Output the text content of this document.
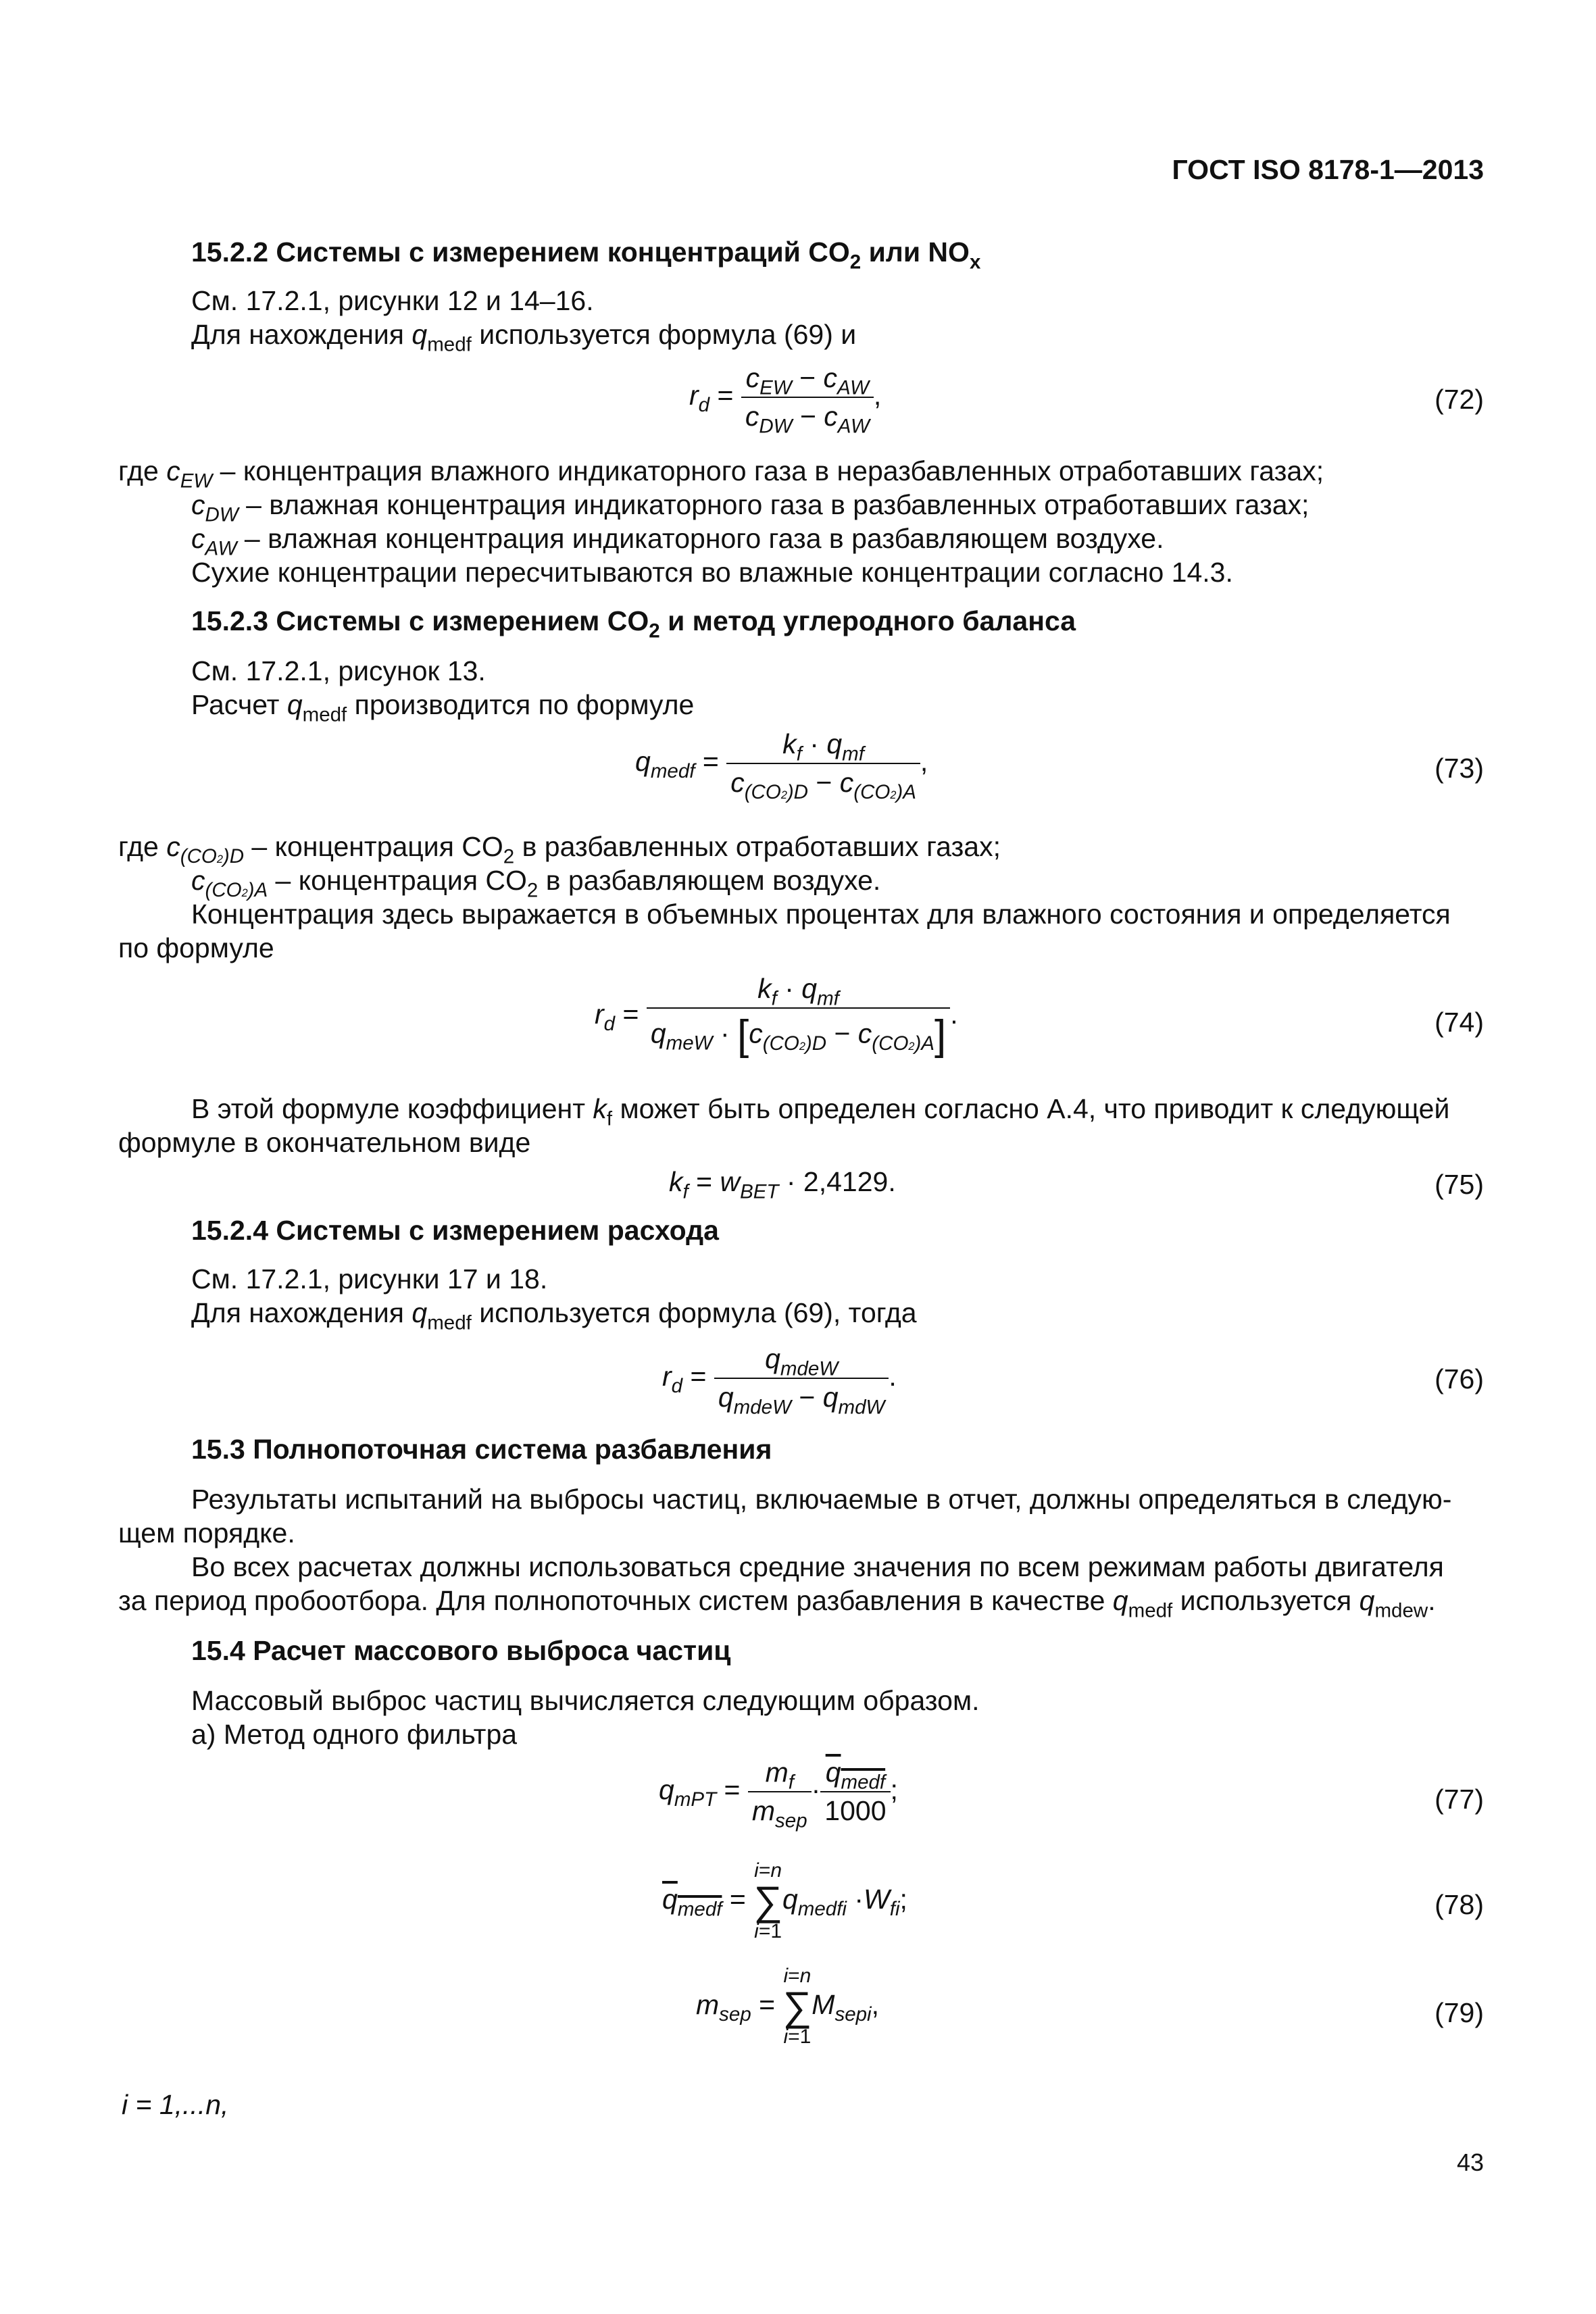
ГОСТ ISO 8178-1—2013
15.2.2 Системы с измерением концентраций $CO_2$ или $NO_x$
См. 17.2.1, рисунки 12 и 14–16.
Для нахождения $q_{medf}$ используется формула (69) и
$r_d = \frac{c_{EW} - c_{AW}}{c_{DW} - c_{AW}}$ ,	(72)
где $c_{EW}$ – концентрация влажного индикаторного газа в неразбавленных отработавших газах;
$c_{DW}$ – влажная концентрация индикаторного газа в разбавленных отработавших газах;
$c_{AW}$ – влажная концентрация индикаторного газа в разбавляющем воздухе.
Сухие концентрации пересчитываются во влажные концентрации согласно 14.3.
15.2.3 Системы с измерением $CO_2$ и метод углеродного баланса
См. 17.2.1, рисунок 13.
Расчет $q_{medf}$ производится по формуле
$q_{medf} = \frac{k_f \cdot q_{mf}}{c_{(CO2)D} - c_{(CO2)A}}$ ,	(73)
где $c_{(CO2)D}$ – концентрация $CO_2$ в разбавленных отработавших газах;
$c_{(CO2)A}$ – концентрация $CO_2$ в разбавляющем воздухе.
Концентрация здесь выражается в объемных процентах для влажного состояния и определяется
по формуле
$r_d = \frac{k_f \cdot q_{mf}}{q_{meW} \cdot [c_{(CO2)D} - c_{(CO2)A}]}$ .	(74)
В этой формуле коэффициент $k_f$ может быть определен согласно A.4, что приводит к следующей
формуле в окончательном виде
$k_f = w_{BET} \cdot 2,4129$.	(75)
15.2.4 Системы с измерением расхода
См. 17.2.1, рисунки 17 и 18.
Для нахождения $q_{medf}$ используется формула (69), тогда
$r_d = \frac{q_{mdeW}}{q_{mdeW} - q_{mdW}}$ .	(76)
15.3 Полнопоточная система разбавления
Результаты испытаний на выбросы частиц, включаемые в отчет, должны определяться в следую-
щем порядке.
Во всех расчетах должны использоваться средние значения по всем режимам работы двигателя
за период пробоотбора. Для полнопоточных систем разбавления в качестве $q_{medf}$ используется $q_{mdew}$.
15.4 Расчет массового выброса частиц
Массовый выброс частиц вычисляется следующим образом.
a) Метод одного фильтра
$q_{mPT} = \frac{m_f}{m_{sep}} \cdot \frac{q_{medf}}{1000}$ ;	(77)
$q_{medf}$ =
i=n
∑
i=1
$q_{medfi} \cdot W_{fi}$;	(78)
$m_{sep}$ =
i=n
∑
i=1
$M_{sepi}$,	(79)
i = 1,...n,
43
